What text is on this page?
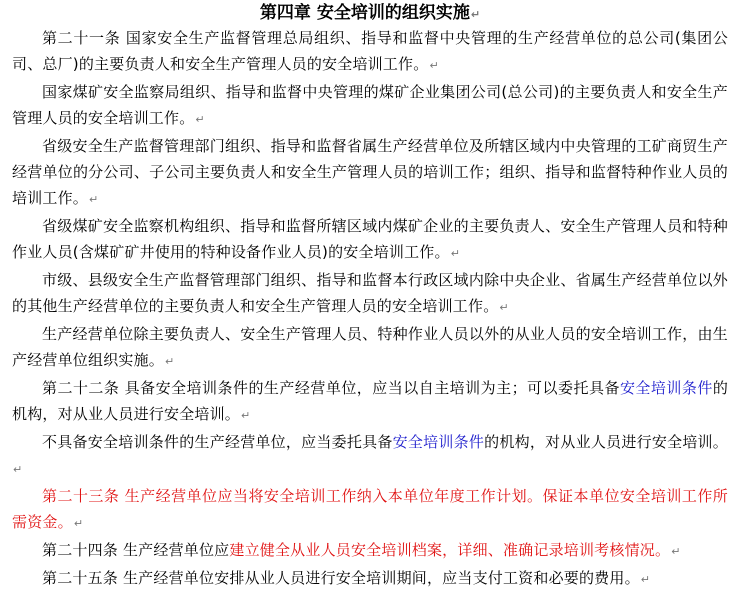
第四章 安全培训的组织实施↵

第二十一条 国家安全生产监督管理总局组织、指导和监督中央管理的生产经营单位的总公司(集团公司、总厂)的主要负责人和安全生产管理人员的安全培训工作。↵

国家煤矿安全监察局组织、指导和监督中央管理的煤矿企业集团公司(总公司)的主要负责人和安全生产管理人员的安全培训工作。↵

省级安全生产监督管理部门组织、指导和监督省属生产经营单位及所辖区域内中央管理的工矿商贸生产经营单位的分公司、子公司主要负责人和安全生产管理人员的培训工作；组织、指导和监督特种作业人员的培训工作。↵

省级煤矿安全监察机构组织、指导和监督所辖区域内煤矿企业的主要负责人、安全生产管理人员和特种作业人员(含煤矿矿井使用的特种设备作业人员)的安全培训工作。↵

市级、县级安全生产监督管理部门组织、指导和监督本行政区域内除中央企业、省属生产经营单位以外的其他生产经营单位的主要负责人和安全生产管理人员的安全培训工作。↵

生产经营单位除主要负责人、安全生产管理人员、特种作业人员以外的从业人员的安全培训工作，由生产经营单位组织实施。↵

第二十二条 具备安全培训条件的生产经营单位，应当以自主培训为主；可以委托具备安全培训条件的机构，对从业人员进行安全培训。↵

不具备安全培训条件的生产经营单位，应当委托具备安全培训条件的机构，对从业人员进行安全培训。↵

第二十三条 生产经营单位应当将安全培训工作纳入本单位年度工作计划。保证本单位安全培训工作所需资金。↵

第二十四条 生产经营单位应建立健全从业人员安全培训档案，详细、准确记录培训考核情况。↵

第二十五条 生产经营单位安排从业人员进行安全培训期间，应当支付工资和必要的费用。↵
